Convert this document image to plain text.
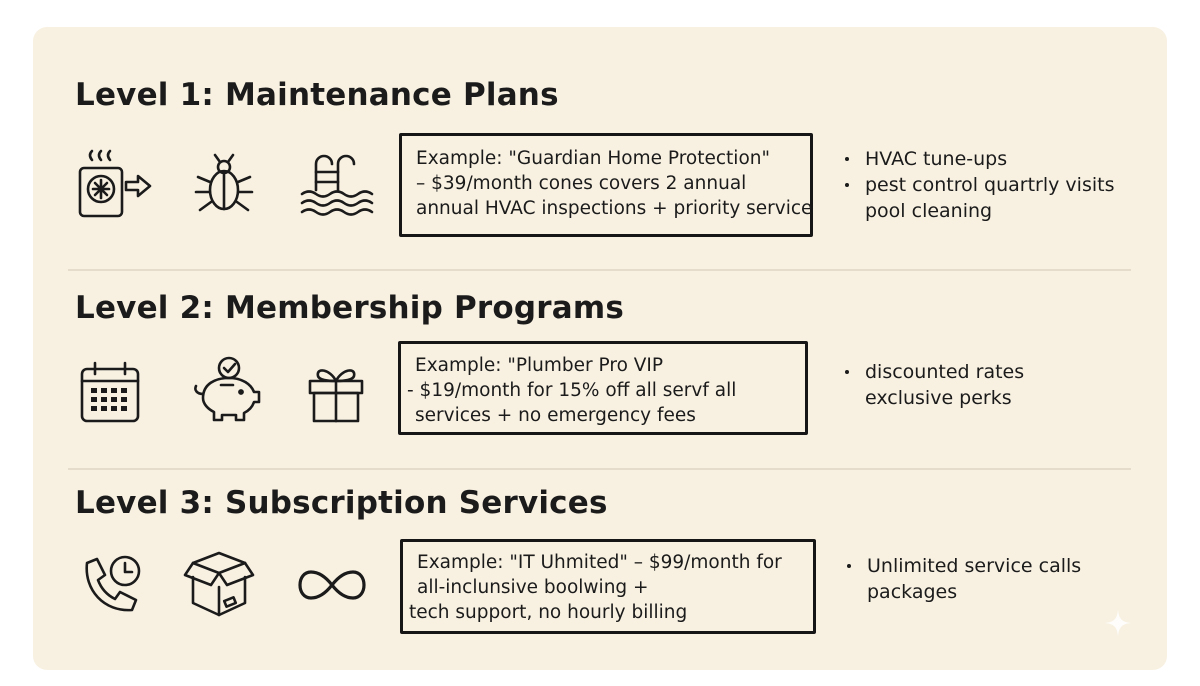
Level 1: Maintenance Plans
Example: "Guardian Home Protection"
– $39/month cones covers 2 annual
annual HVAC inspections + priority service
HVAC tune-ups
pest control quartrly visits
pool cleaning
Level 2: Membership Programs
Example: "Plumber Pro VIP
- $19/month for 15% off all servf all
services + no emergency fees
discounted rates
exclusive perks
Level 3: Subscription Services
Example: "IT Uhmited" – $99/month for
all-inclunsive boolwing +
tech support, no hourly billing
Unlimited service calls
packages
